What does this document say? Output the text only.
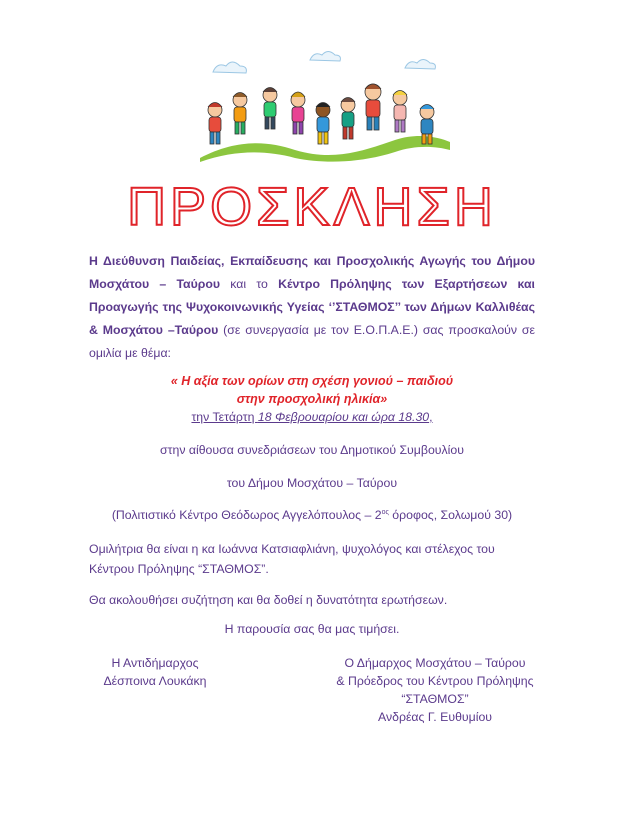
ΠΡΟΣΚΛΗΣΗ
Η Διεύθυνση Παιδείας, Εκπαίδευσης και Προσχολικής Αγωγής του Δήμου Μοσχάτου – Ταύρου και το Κέντρο Πρόληψης των Εξαρτήσεων και Προαγωγής της Ψυχοκοινωνικής Υγείας ‘’ΣΤΑΘΜΟΣ’’ των Δήμων Καλλιθέας & Μοσχάτου –Ταύρου (σε συνεργασία με τον Ε.Ο.Π.Α.Ε.) σας προσκαλούν σε ομιλία με θέμα:
« Η αξία των ορίων στη σχέση γονιού – παιδιού
στην προσχολική ηλικία»
την Τετάρτη 18 Φεβρουαρίου και ώρα 18.30,
στην αίθουσα συνεδριάσεων του Δημοτικού Συμβουλίου
του Δήμου Μοσχάτου – Ταύρου
(Πολιτιστικό Κέντρο Θεόδωρος Αγγελόπουλος – $2^{o\varsigma}$ όροφος, Σολωμού 30)
Ομιλήτρια θα είναι η κα Ιωάννα Κατσιαφλιάνη, ψυχολόγος και στέλεχος του Κέντρου Πρόληψης “ΣΤΑΘΜΟΣ”.
Θα ακολουθήσει συζήτηση και θα δοθεί η δυνατότητα ερωτήσεων.
Η παρουσία σας θα μας τιμήσει.
Η Αντιδήμαρχος
Δέσποινα Λουκάκη
Ο Δήμαρχος Μοσχάτου – Ταύρου
& Πρόεδρος του Κέντρου Πρόληψης
“ΣΤΑΘΜΟΣ”
Ανδρέας Γ. Ευθυμίου
